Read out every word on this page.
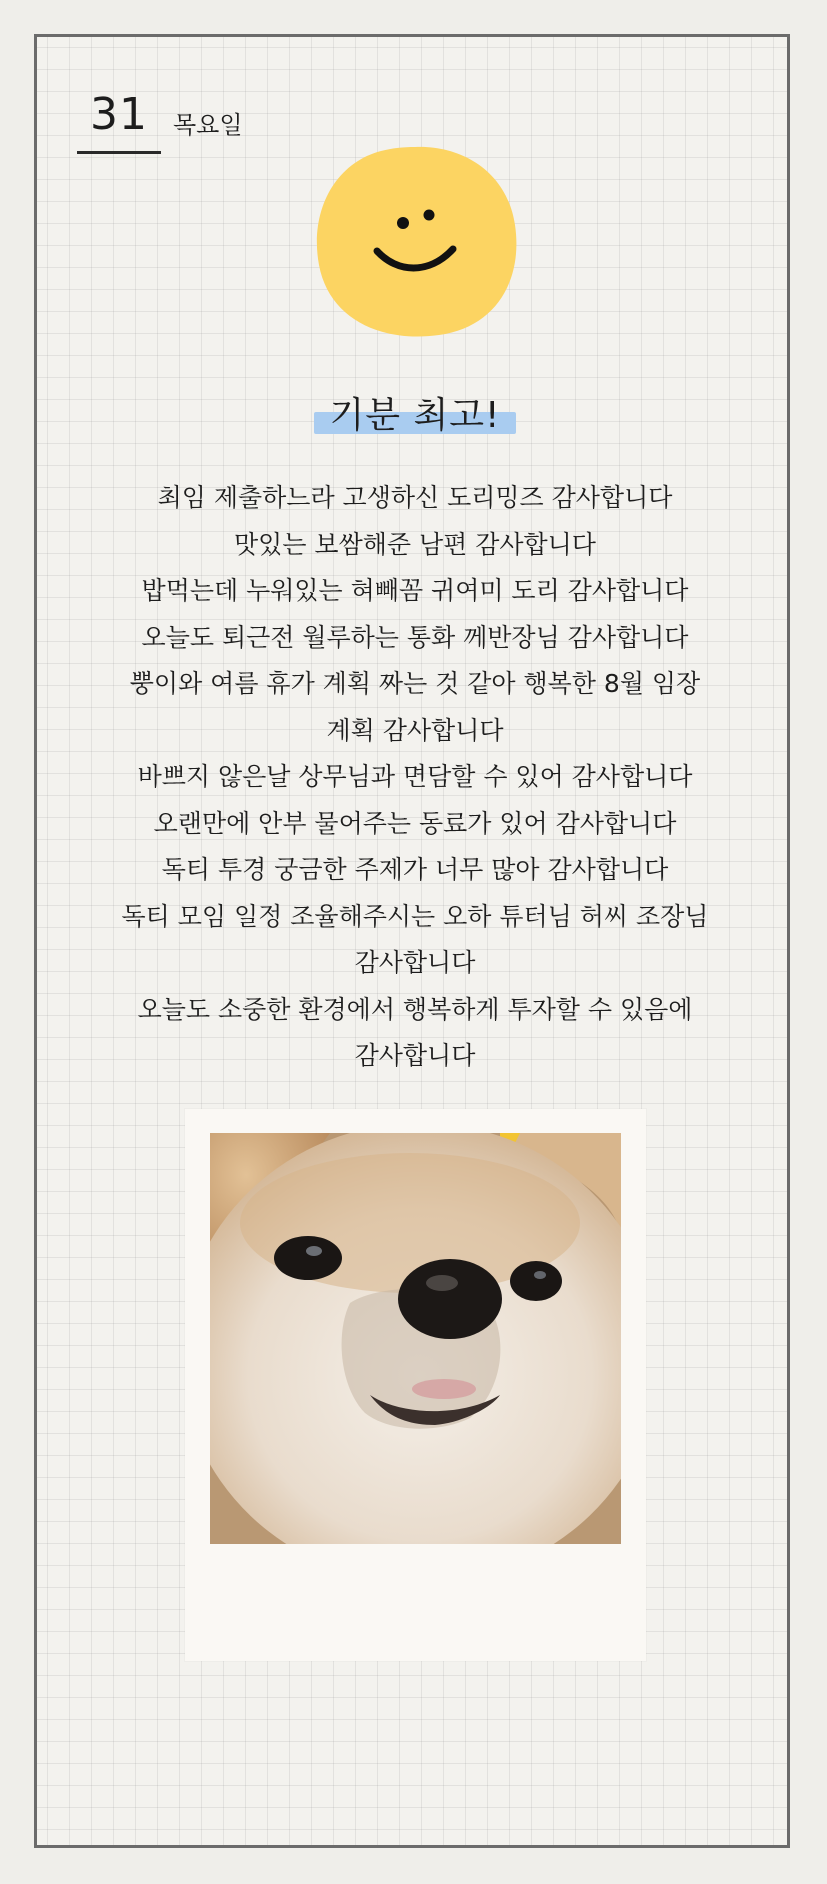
31	목요일
기분 최고!
최임 제출하느라 고생하신 도리밍즈 감사합니다
맛있는 보쌈해준 남편 감사합니다
밥먹는데 누워있는 혀빼꼼 귀여미 도리 감사합니다
오늘도 퇴근전 월루하는 통화 께반장님 감사합니다
뿡이와 여름 휴가 계획 짜는 것 같아 행복한 8월 임장
계획 감사합니다
바쁘지 않은날 상무님과 면담할 수 있어 감사합니다
오랜만에 안부 물어주는 동료가 있어 감사합니다
독티 투경 궁금한 주제가 너무 많아 감사합니다
독티 모임 일정 조율해주시는 오하 튜터님 허씨 조장님
감사합니다
오늘도 소중한 환경에서 행복하게 투자할 수 있음에
감사합니다
